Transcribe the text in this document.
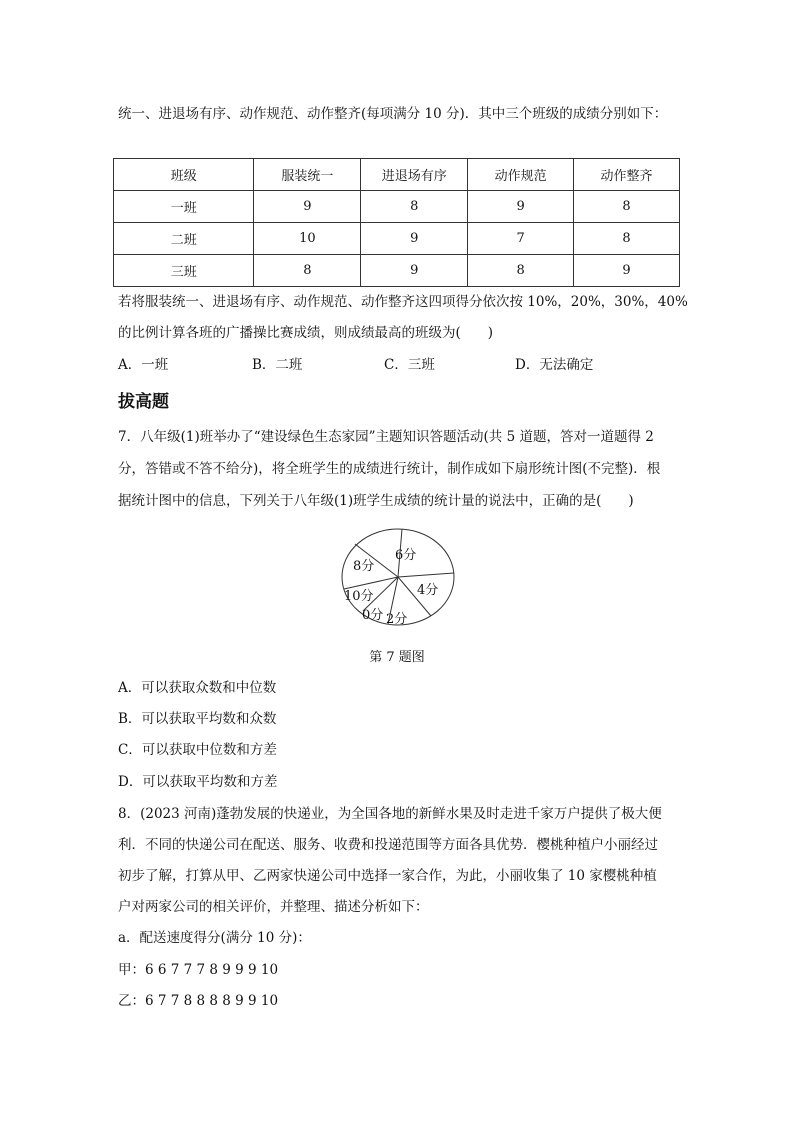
统一、进退场有序、动作规范、动作整齐(每项满分 10 分)．其中三个班级的成绩分别如下：
班级	服装统一	进退场有序	动作规范	动作整齐
一班	9	8	9	8
二班	10	9	7	8
三班	8	9	8	9
若将服装统一、进退场有序、动作规范、动作整齐这四项得分依次按 10%，20%，30%，40%
的比例计算各班的广播操比赛成绩，则成绩最高的班级为(　　)
A．一班	B．二班	C．三班	D．无法确定
拔高题
7．八年级(1)班举办了“建设绿色生态家园”主题知识答题活动(共 5 道题，答对一道题得 2
分，答错或不答不给分)，将全班学生的成绩进行统计，制作成如下扇形统计图(不完整)．根
据统计图中的信息，下列关于八年级(1)班学生成绩的统计量的说法中，正确的是(　　)
6分
4分
2分
0分
10分
8分
第 7 题图
A．可以获取众数和中位数
B．可以获取平均数和众数
C．可以获取中位数和方差
D．可以获取平均数和方差
8．(2023 河南)蓬勃发展的快递业，为全国各地的新鲜水果及时走进千家万户提供了极大便
利．不同的快递公司在配送、服务、收费和投递范围等方面各具优势．樱桃种植户小丽经过
初步了解，打算从甲、乙两家快递公司中选择一家合作，为此，小丽收集了 10 家樱桃种植
户对两家公司的相关评价，并整理、描述分析如下：
a．配送速度得分(满分 10 分)：
甲：6 6 7 7 7 8 9 9 9 10
乙：6 7 7 8 8 8 8 9 9 10
